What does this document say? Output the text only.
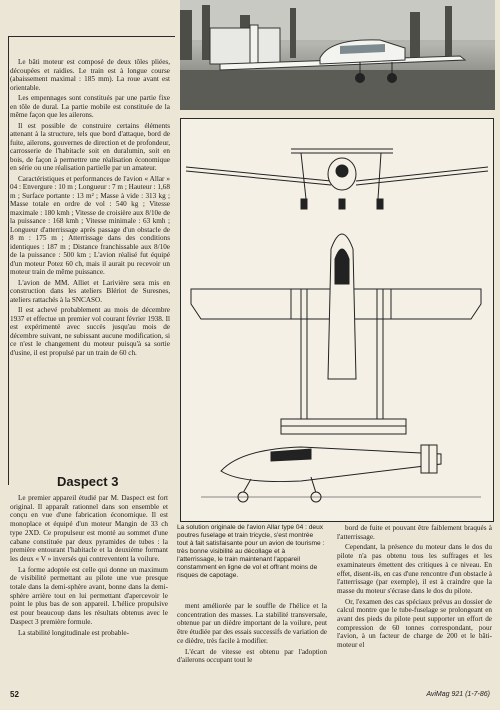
Le bâti moteur est composé de deux tôles pliées, découpées et raidies. Le train est à longue course (abaissement maximal : 185 mm). La roue avant est orientable.

Les empennages sont constitués par une partie fixe en tôle de dural. La partie mobile est constituée de la même façon que les ailerons.

Il est possible de construire certains éléments attenant à la structure, tels que bord d'attaque, bord de fuite, ailerons, gouvernes de direction et de profondeur, carrosserie de l'habitacle soit en duralumin, soit en bois, de façon à permettre une réalisation économique en série ou une réalisation partielle par un amateur.

Caractéristiques et performances de l'avion « Allar » 04 : Envergure : 10 m ; Longueur : 7 m ; Hauteur : 1,68 m ; Surface portante : 13 m² ; Masse à vide : 313 kg ; Masse totale en ordre de vol : 540 kg ; Vitesse maximale : 180 kmh ; Vitesse de croisière aux 8/10e de la puissance : 168 kmh ; Vitesse minimale : 63 kmh ; Longueur d'atterrissage après passage d'un obstacle de 8 m : 175 m ; Atterrissage dans des conditions identiques : 187 m ; Distance franchissable aux 8/10e de la puissance : 500 km ; L'avion réalisé fut équipé d'un moteur Potez 60 ch, mais il aurait pu recevoir un moteur train de même puissance.

L'avion de MM. Alliet et Larivière sera mis en construction dans les ateliers Blériot de Suresnes, ateliers rattachés à la SNCASO.

Il est achevé probablement au mois de décembre 1937 et effectue un premier vol courant février 1938. Il est expérimenté avec succès jusqu'au mois de décembre suivant, ne subissant aucune modification, si ce n'est le changement du moteur puisqu'à sa sortie d'usine, il est propulsé par un train de 60 ch.

Daspect 3

Le premier appareil étudié par M. Daspect est fort original. Il apparaît rationnel dans son ensemble et conçu en vue d'une fabrication économique. Il est monoplace et équipé d'un moteur Mangin de 33 ch type 2XD. Ce propulseur est monté au sommet d'une cabane constituée par deux pyramides de tubes : la première entourant l'habitacle et la deuxième formant les deux « V » inversés qui contreventent la voilure.

La forme adoptée est celle qui donne un maximum de visibilité permettant au pilote une vue presque totale dans la demi-sphère avant, bonne dans la demi-sphère arrière tout en lui permettant d'apercevoir le point le plus bas de son appareil. L'hélice propulsive est pour beaucoup dans les résultats obtenus avec le Daspect 3 première formule.

La stabilité longitudinale est probable-

La solution originale de l'avion Allar type 04 : deux poutres fuselage et train tricycle, s'est montrée tout à fait satisfaisante pour un avion de tourisme : très bonne visibilité au décollage et à l'atterrissage, le train maintenant l'appareil constamment en ligne de vol et offrant moins de risques de capotage.

ment améliorée par le souffle de l'hélice et la concentration des masses. La stabilité transversale, obtenue par un dièdre important de la voilure, peut être étudiée par des essais successifs de variation de ce dièdre, très facile à modifier.

L'écart de vitesse est obtenu par l'adoption d'ailerons occupant tout le

bord de fuite et pouvant être faiblement braqués à l'atterrissage.

Cependant, la présence du moteur dans le dos du pilote n'a pas obtenu tous les suffrages et les examinateurs émettent des critiques à ce niveau. En effet, disent-ils, en cas d'une rencontre d'un obstacle à l'atterrissage (par exemple), il est à craindre que la masse du moteur s'écrase dans le dos du pilote.

Or, l'examen des cas spéciaux prévus au dossier de calcul montre que le tube-fuselage se prolongeant en avant des pieds du pilote peut supporter un effort de compression de 60 tonnes correspondant, pour l'avion, à un facteur de charge de 200 et le bâti-moteur el

52	AviMag 921 (1-7-86)
